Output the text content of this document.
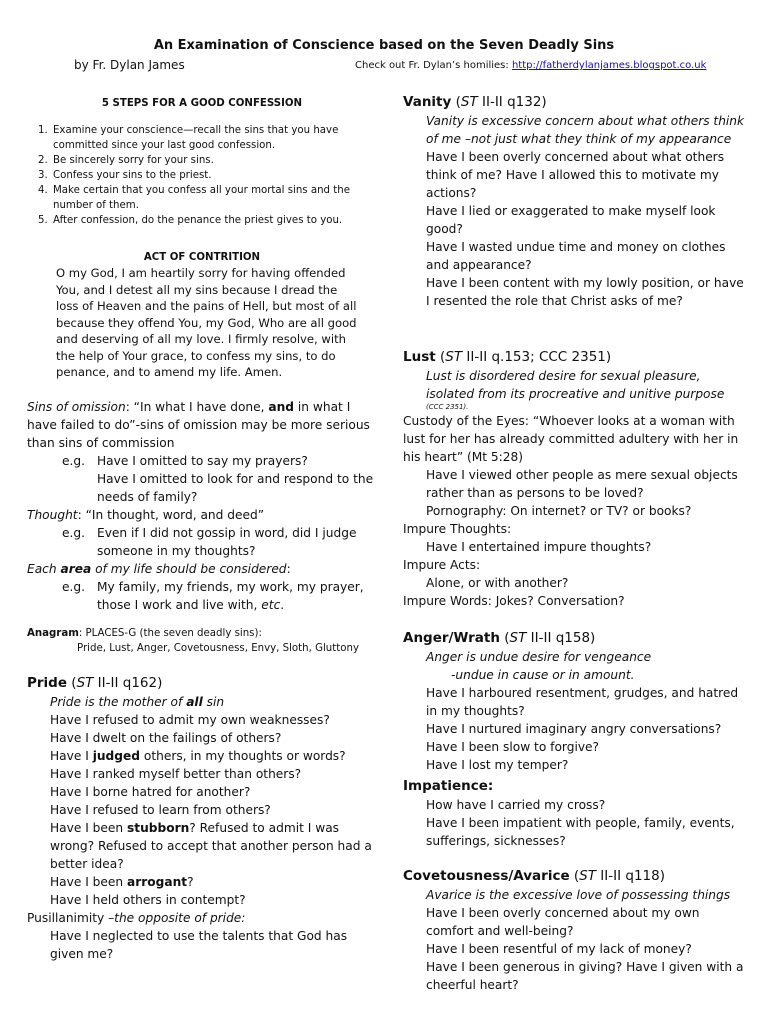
An Examination of Conscience based on the Seven Deadly Sins
by Fr. Dylan James	Check out Fr. Dylan’s homilies: http://fatherdylanjames.blogspot.co.uk
5 STEPS FOR A GOOD CONFESSION
1. Examine your conscience—recall the sins that you have committed since your last good confession.
2. Be sincerely sorry for your sins.
3. Confess your sins to the priest.
4. Make certain that you confess all your mortal sins and the number of them.
5. After confession, do the penance the priest gives to you.
ACT OF CONTRITION
O my God, I am heartily sorry for having offended You, and I detest all my sins because I dread the loss of Heaven and the pains of Hell, but most of all because they offend You, my God, Who are all good and deserving of all my love. I firmly resolve, with the help of Your grace, to confess my sins, to do penance, and to amend my life. Amen.
Sins of omission: “In what I have done, and in what I have failed to do”-sins of omission may be more serious than sins of commission
e.g. Have I omitted to say my prayers?
Have I omitted to look for and respond to the needs of family?
Thought: “In thought, word, and deed”
e.g. Even if I did not gossip in word, did I judge someone in my thoughts?
Each area of my life should be considered:
e.g. My family, my friends, my work, my prayer, those I work and live with, etc.
Anagram: PLACES-G (the seven deadly sins):
Pride, Lust, Anger, Covetousness, Envy, Sloth, Gluttony
Pride (ST II-II q162)
Pride is the mother of all sin
Have I refused to admit my own weaknesses?
Have I dwelt on the failings of others?
Have I judged others, in my thoughts or words?
Have I ranked myself better than others?
Have I borne hatred for another?
Have I refused to learn from others?
Have I been stubborn? Refused to admit I was wrong? Refused to accept that another person had a better idea?
Have I been arrogant?
Have I held others in contempt?
Pusillanimity –the opposite of pride:
Have I neglected to use the talents that God has given me?
Vanity (ST II-II q132)
Vanity is excessive concern about what others think of me –not just what they think of my appearance
Have I been overly concerned about what others think of me? Have I allowed this to motivate my actions?
Have I lied or exaggerated to make myself look good?
Have I wasted undue time and money on clothes and appearance?
Have I been content with my lowly position, or have I resented the role that Christ asks of me?
Lust (ST II-II q.153; CCC 2351)
Lust is disordered desire for sexual pleasure, isolated from its procreative and unitive purpose
(CCC 2351).
Custody of the Eyes: “Whoever looks at a woman with lust for her has already committed adultery with her in his heart” (Mt 5:28)
Have I viewed other people as mere sexual objects rather than as persons to be loved?
Pornography: On internet? or TV? or books?
Impure Thoughts:
Have I entertained impure thoughts?
Impure Acts:
Alone, or with another?
Impure Words: Jokes? Conversation?
Anger/Wrath (ST II-II q158)
Anger is undue desire for vengeance
-undue in cause or in amount.
Have I harboured resentment, grudges, and hatred in my thoughts?
Have I nurtured imaginary angry conversations?
Have I been slow to forgive?
Have I lost my temper?
Impatience:
How have I carried my cross?
Have I been impatient with people, family, events, sufferings, sicknesses?
Covetousness/Avarice (ST II-II q118)
Avarice is the excessive love of possessing things
Have I been overly concerned about my own comfort and well-being?
Have I been resentful of my lack of money?
Have I been generous in giving? Have I given with a cheerful heart?
